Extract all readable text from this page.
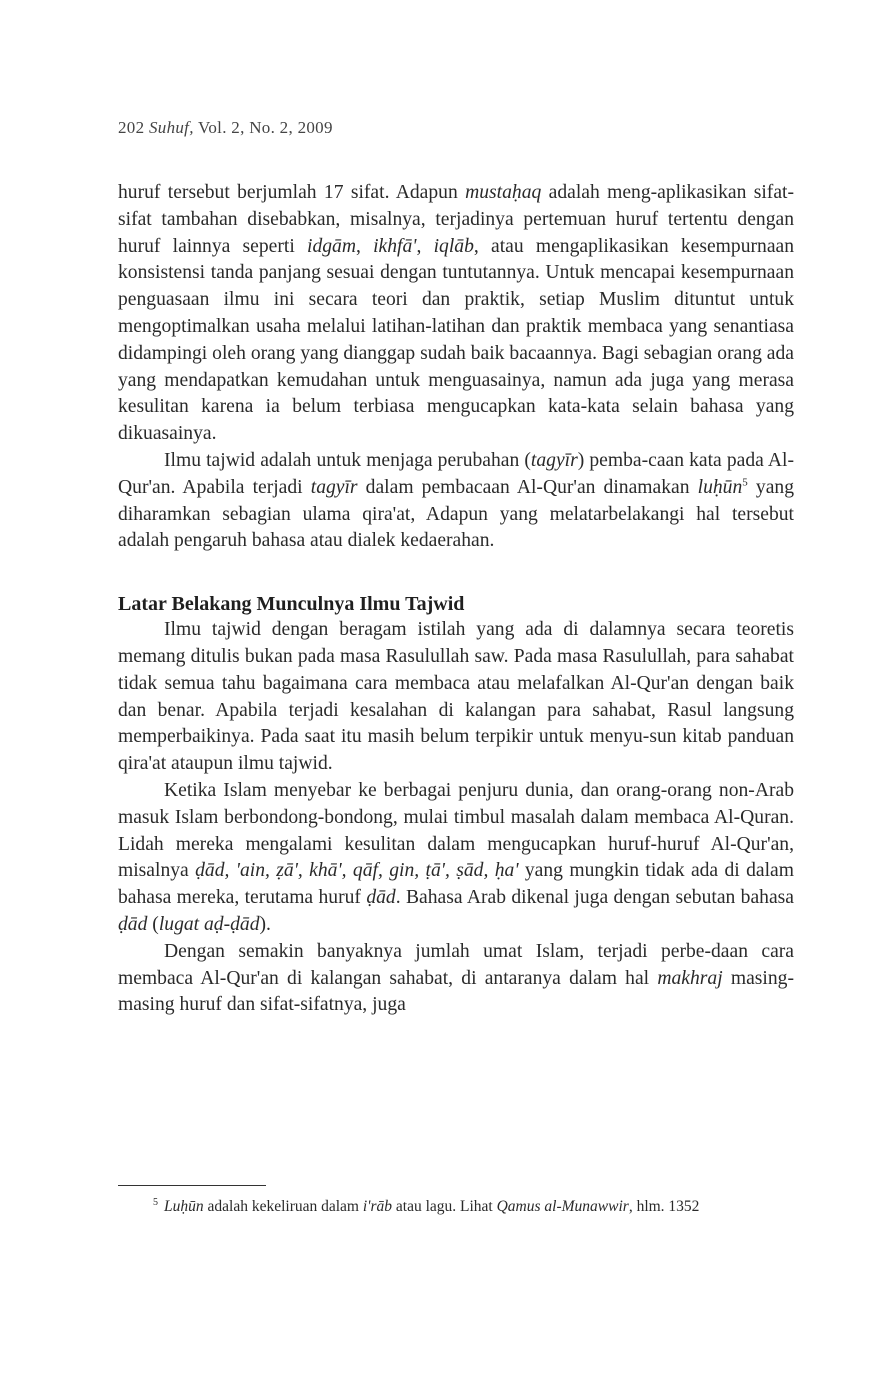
202 Suhuf, Vol. 2, No. 2, 2009

huruf tersebut berjumlah 17 sifat. Adapun mustaḥaq adalah meng-aplikasikan sifat-sifat tambahan disebabkan, misalnya, terjadinya pertemuan huruf tertentu dengan huruf lainnya seperti idgām, ikhfā', iqlāb, atau mengaplikasikan kesempurnaan konsistensi tanda panjang sesuai dengan tuntutannya. Untuk mencapai kesempurnaan penguasaan ilmu ini secara teori dan praktik, setiap Muslim dituntut untuk mengoptimalkan usaha melalui latihan-latihan dan praktik membaca yang senantiasa didampingi oleh orang yang dianggap sudah baik bacaannya. Bagi sebagian orang ada yang mendapatkan kemudahan untuk menguasainya, namun ada juga yang merasa kesulitan karena ia belum terbiasa mengucapkan kata-kata selain bahasa yang dikuasainya.

Ilmu tajwid adalah untuk menjaga perubahan (tagyīr) pemba-caan kata pada Al-Qur'an. Apabila terjadi tagyīr dalam pembacaan Al-Qur'an dinamakan luḥūn$^5$ yang diharamkan sebagian ulama qira'at, Adapun yang melatarbelakangi hal tersebut adalah pengaruh bahasa atau dialek kedaerahan.

Latar Belakang Munculnya Ilmu Tajwid

Ilmu tajwid dengan beragam istilah yang ada di dalamnya secara teoretis memang ditulis bukan pada masa Rasulullah saw. Pada masa Rasulullah, para sahabat tidak semua tahu bagaimana cara membaca atau melafalkan Al-Qur'an dengan baik dan benar. Apabila terjadi kesalahan di kalangan para sahabat, Rasul langsung memperbaikinya. Pada saat itu masih belum terpikir untuk menyu-sun kitab panduan qira'at ataupun ilmu tajwid.

Ketika Islam menyebar ke berbagai penjuru dunia, dan orang-orang non-Arab masuk Islam berbondong-bondong, mulai timbul masalah dalam membaca Al-Quran. Lidah mereka mengalami kesulitan dalam mengucapkan huruf-huruf Al-Qur'an, misalnya ḍād, 'ain, ẓā', khā', qāf, gin, ṭā', ṣād, ḥa' yang mungkin tidak ada di dalam bahasa mereka, terutama huruf ḍād. Bahasa Arab dikenal juga dengan sebutan bahasa ḍād (lugat aḍ-ḍād).

Dengan semakin banyaknya jumlah umat Islam, terjadi perbe-daan cara membaca Al-Qur'an di kalangan sahabat, di antaranya dalam hal makhraj masing-masing huruf dan sifat-sifatnya, juga

5 Luḥūn adalah kekeliruan dalam i'rāb atau lagu. Lihat Qamus al-Munawwir, hlm. 1352
